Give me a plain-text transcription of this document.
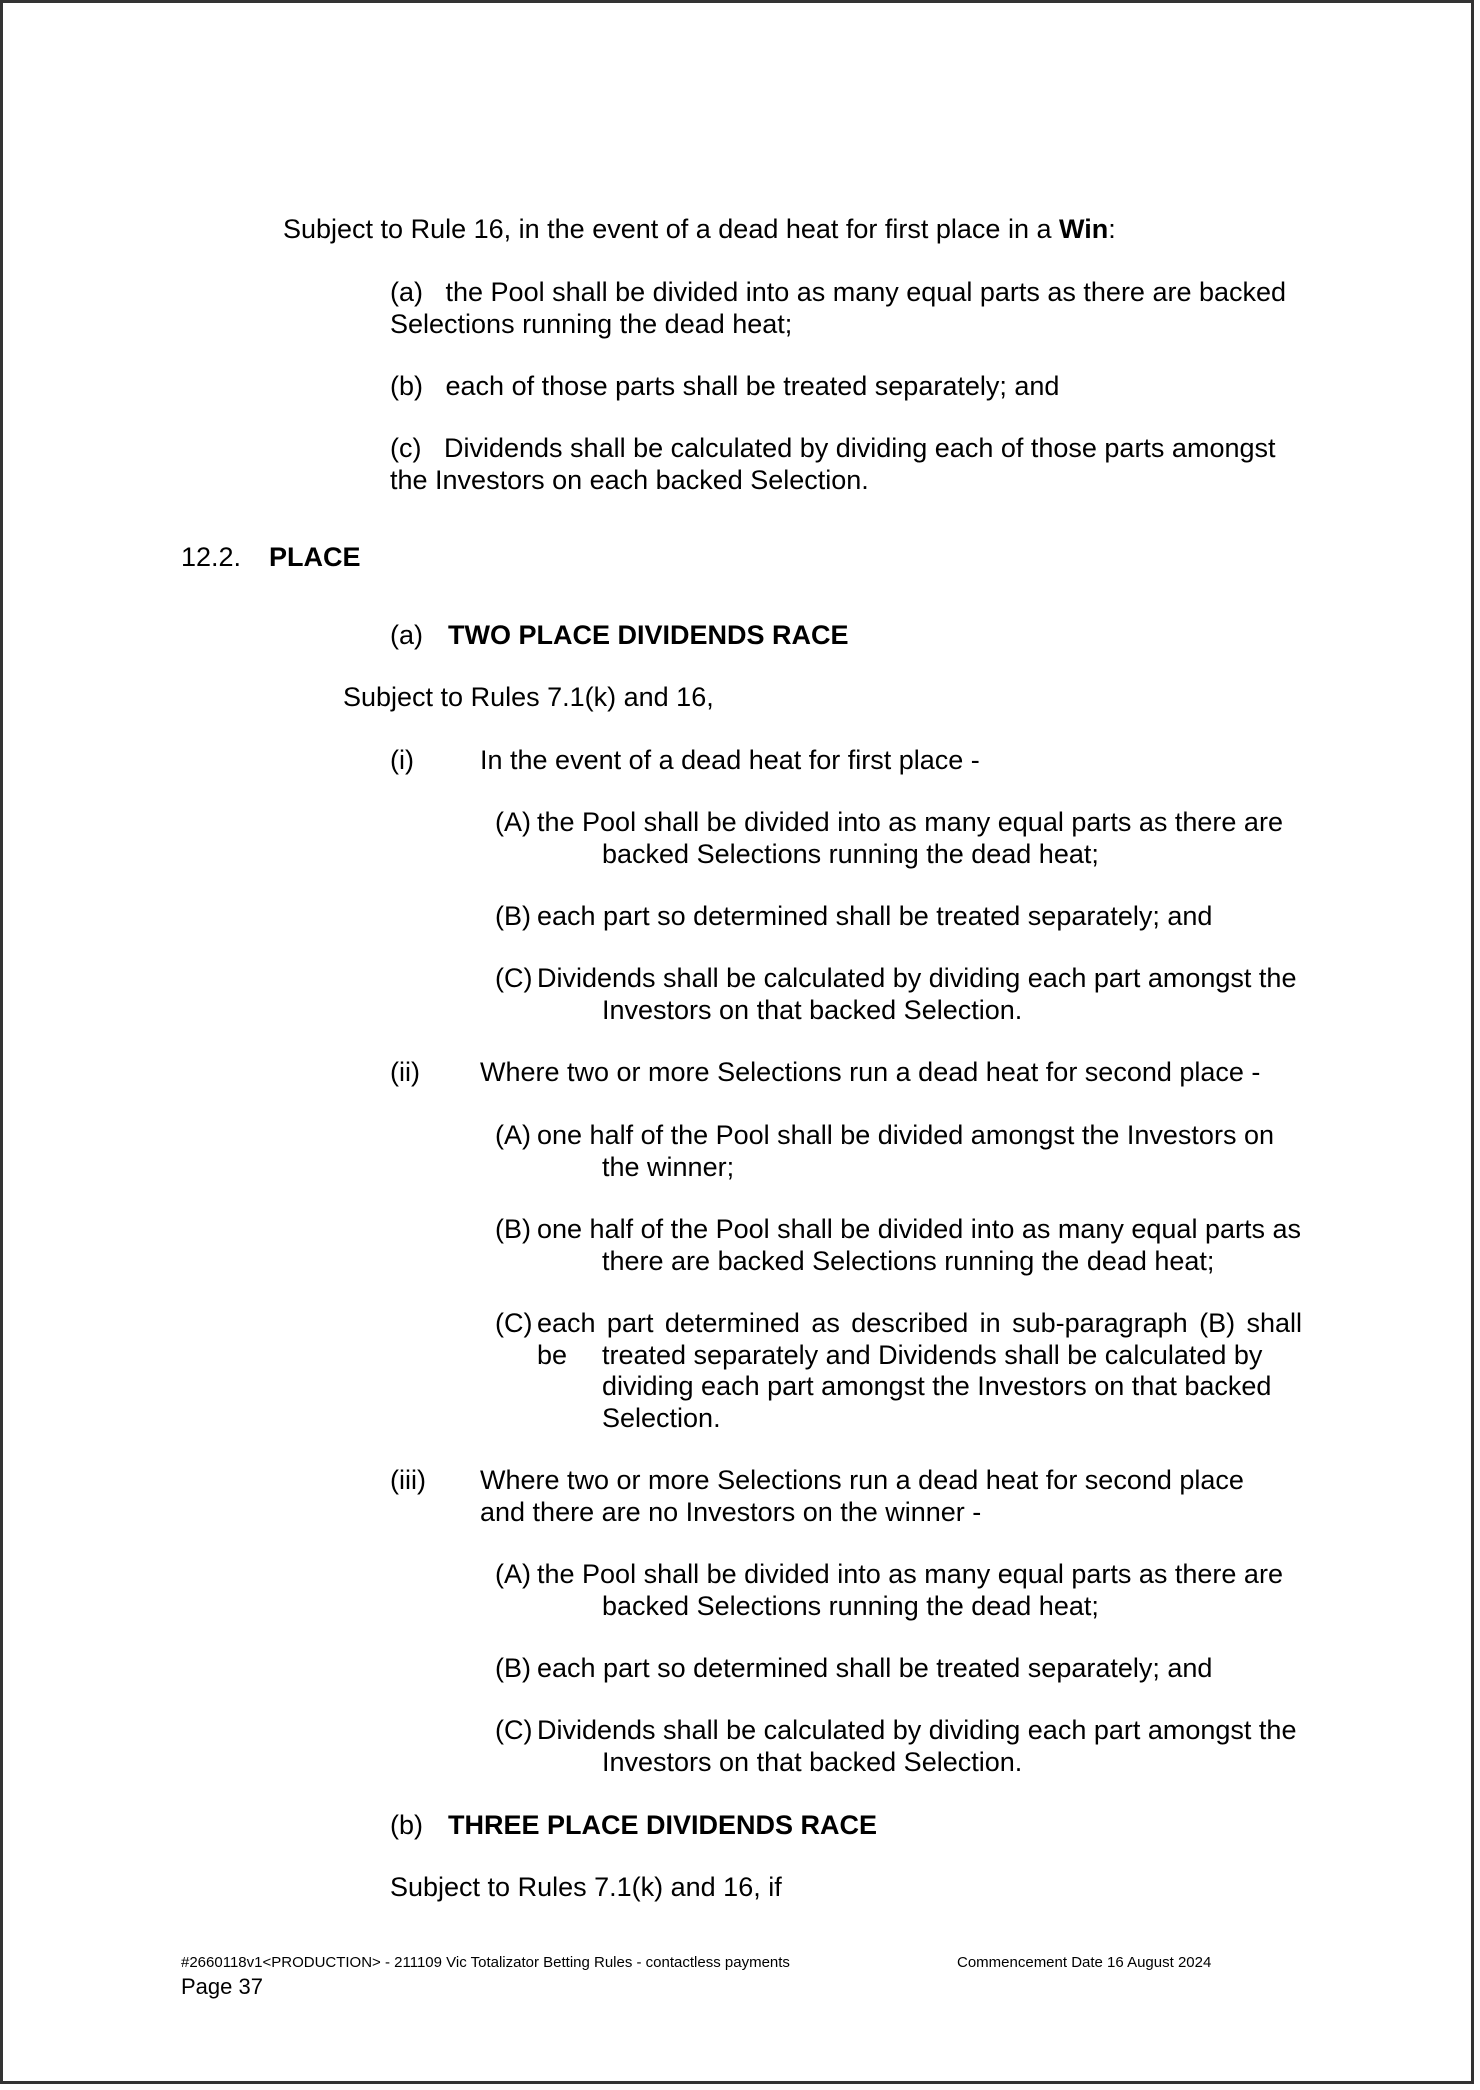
Subject to Rule 16, in the event of a dead heat for first place in a Win:
(a) the Pool shall be divided into as many equal parts as there are backed
Selections running the dead heat;
(b) each of those parts shall be treated separately; and
(c) Dividends shall be calculated by dividing each of those parts amongst
the Investors on each backed Selection.
12.2. PLACE
(a) TWO PLACE DIVIDENDS RACE
Subject to Rules 7.1(k) and 16,
(i) In the event of a dead heat for first place -
(A) the Pool shall be divided into as many equal parts as there are
backed Selections running the dead heat;
(B) each part so determined shall be treated separately; and
(C) Dividends shall be calculated by dividing each part amongst the
Investors on that backed Selection.
(ii) Where two or more Selections run a dead heat for second place -
(A) one half of the Pool shall be divided amongst the Investors on
the winner;
(B) one half of the Pool shall be divided into as many equal parts as
there are backed Selections running the dead heat;
(C) each part determined as described in sub-paragraph (B) shall be	treated separately and Dividends shall be calculated by
dividing each part amongst the Investors on that backed
Selection.
(iii) Where two or more Selections run a dead heat for second place
and there are no Investors on the winner -
(A) the Pool shall be divided into as many equal parts as there are
backed Selections running the dead heat;
(B) each part so determined shall be treated separately; and
(C) Dividends shall be calculated by dividing each part amongst the
Investors on that backed Selection.
(b) THREE PLACE DIVIDENDS RACE
Subject to Rules 7.1(k) and 16, if
#2660118v1<PRODUCTION> - 211109 Vic Totalizator Betting Rules - contactless payments	Commencement Date 16 August 2024
Page 37
